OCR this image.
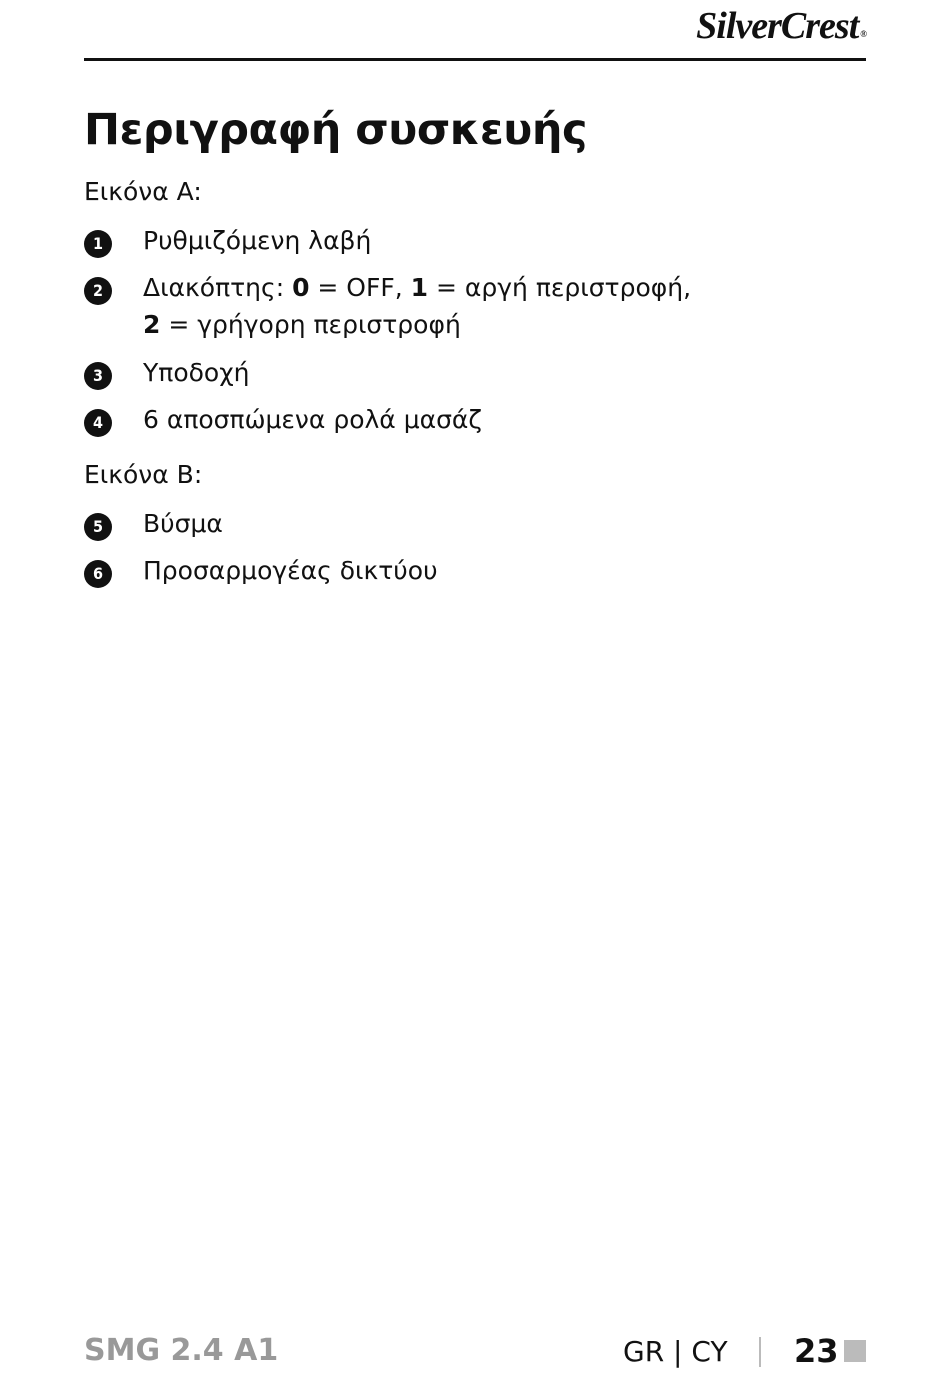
SilverCrest ®
Περιγραφή συσκευής
Εικόνα A:
1	Ρυθμιζόμενη λαβή
2	Διακόπτης: 0 = OFF, 1 = αργή περιστροφή,
2 = γρήγορη περιστροφή
3	Υποδοχή
4	6 αποσπώμενα ρολά μασάζ
Εικόνα B:
5	Βύσμα
6	Προσαρμογέας δικτύου
SMG 2.4 A1	GR | CY 23
